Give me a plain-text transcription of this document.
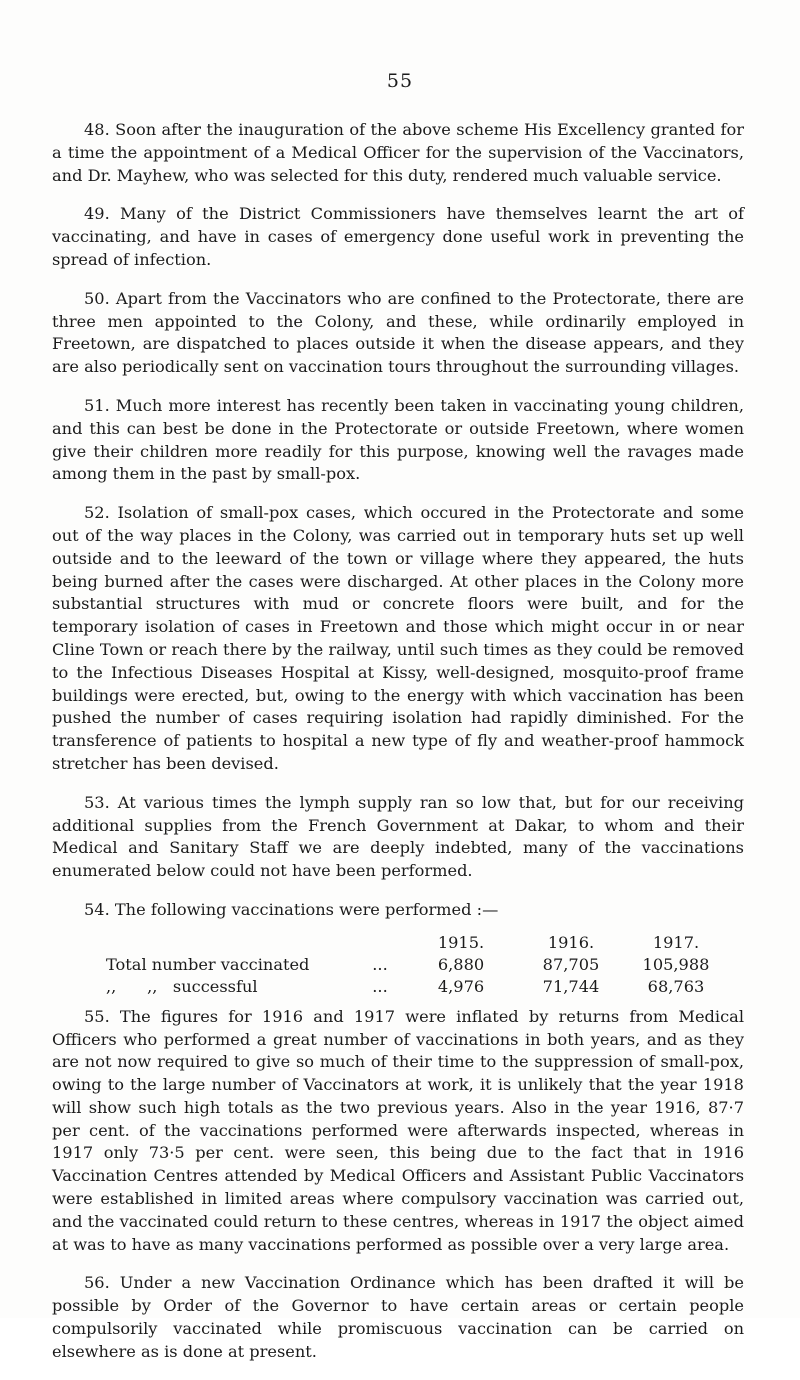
55

48. Soon after the inauguration of the above scheme His Excellency granted for a time the appointment of a Medical Officer for the supervision of the Vaccinators, and Dr. Mayhew, who was selected for this duty, rendered much valuable service.

49. Many of the District Commissioners have themselves learnt the art of vaccinating, and have in cases of emergency done useful work in preventing the spread of infection.

50. Apart from the Vaccinators who are confined to the Protectorate, there are three men appointed to the Colony, and these, while ordinarily employed in Freetown, are dispatched to places outside it when the disease appears, and they are also periodically sent on vaccination tours throughout the surrounding villages.

51. Much more interest has recently been taken in vaccinating young children, and this can best be done in the Protectorate or outside Freetown, where women give their children more readily for this purpose, knowing well the ravages made among them in the past by small-pox.

52. Isolation of small-pox cases, which occured in the Protectorate and some out of the way places in the Colony, was carried out in temporary huts set up well outside and to the leeward of the town or village where they appeared, the huts being burned after the cases were discharged. At other places in the Colony more substantial structures with mud or concrete floors were built, and for the temporary isolation of cases in Freetown and those which might occur in or near Cline Town or reach there by the railway, until such times as they could be removed to the Infectious Diseases Hospital at Kissy, well-designed, mosquito-proof frame buildings were erected, but, owing to the energy with which vaccination has been pushed the number of cases requiring isolation had rapidly diminished. For the transference of patients to hospital a new type of fly and weather-proof hammock stretcher has been devised.

53. At various times the lymph supply ran so low that, but for our receiving additional supplies from the French Government at Dakar, to whom and their Medical and Sanitary Staff we are deeply indebted, many of the vaccinations enumerated below could not have been performed.

54. The following vaccinations were performed :—

		1915.	1916.	1917.
Total number vaccinated	...	6,880	87,705	105,988
,,      ,,   successful	...	4,976	71,744	68,763

55. The figures for 1916 and 1917 were inflated by returns from Medical Officers who performed a great number of vaccinations in both years, and as they are not now required to give so much of their time to the suppression of small-pox, owing to the large number of Vaccinators at work, it is unlikely that the year 1918 will show such high totals as the two previous years. Also in the year 1916, 87·7 per cent. of the vaccinations performed were afterwards inspected, whereas in 1917 only 73·5 per cent. were seen, this being due to the fact that in 1916 Vaccination Centres attended by Medical Officers and Assistant Public Vaccinators were established in limited areas where compulsory vaccination was carried out, and the vaccinated could return to these centres, whereas in 1917 the object aimed at was to have as many vaccinations performed as possible over a very large area.

56. Under a new Vaccination Ordinance which has been drafted it will be possible by Order of the Governor to have certain areas or certain people compulsorily vaccinated while promiscuous vaccination can be carried on elsewhere as is done at present.
